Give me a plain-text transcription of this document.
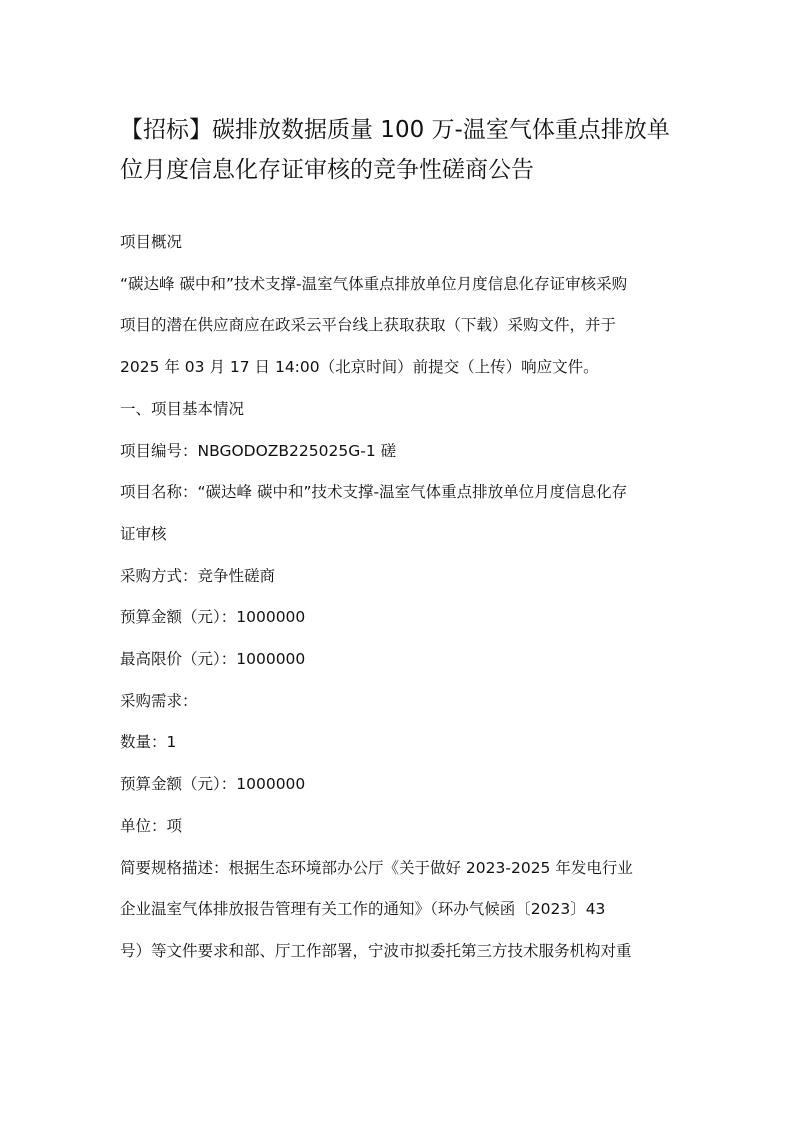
【招标】碳排放数据质量 100 万-温室气体重点排放单
位月度信息化存证审核的竞争性磋商公告

项目概况

“碳达峰 碳中和”技术支撑-温室气体重点排放单位月度信息化存证审核采购

项目的潜在供应商应在政采云平台线上获取获取（下载）采购文件，并于

2025 年 03 月 17 日 14:00（北京时间）前提交（上传）响应文件。

一、项目基本情况

项目编号：NBGODOZB225025G-1 磋

项目名称：“碳达峰 碳中和”技术支撑-温室气体重点排放单位月度信息化存

证审核

采购方式：竞争性磋商

预算金额（元）：1000000

最高限价（元）：1000000

采购需求：

数量：1

预算金额（元）：1000000

单位：项

简要规格描述：根据生态环境部办公厅《关于做好 2023-2025 年发电行业

企业温室气体排放报告管理有关工作的通知》（环办气候函〔2023〕43

号）等文件要求和部、厅工作部署，宁波市拟委托第三方技术服务机构对重
